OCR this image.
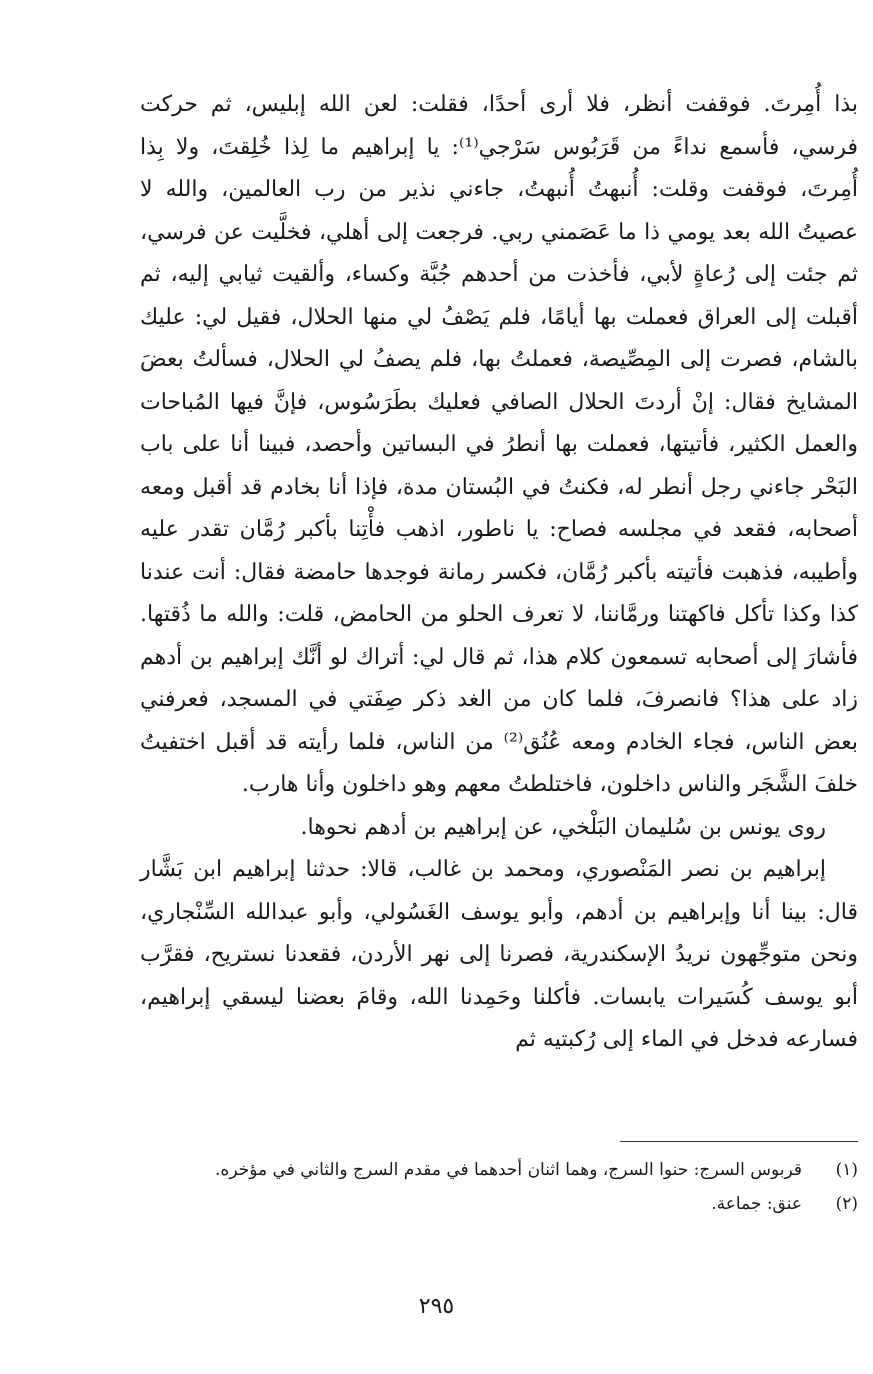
بذا أُمِرتَ. فوقفت أنظر، فلا أرى أحدًا، فقلت: لعن الله إبليس، ثم حركت فرسي، فأسمع نداءً من قَرَبُوس سَرْجي⁽¹⁾: يا إبراهيم ما لِذا خُلِقتَ، ولا بِذا أُمِرتَ، فوقفت وقلت: أُنبهتُ أُنبهتُ، جاءني نذير من رب العالمين، والله لا عصيتُ الله بعد يومي ذا ما عَصَمني ربي. فرجعت إلى أهلي، فخلَّيت عن فرسي، ثم جئت إلى رُعاةٍ لأبي، فأخذت من أحدهم جُبَّة وكساء، وألقيت ثيابي إليه، ثم أقبلت إلى العراق فعملت بها أيامًا، فلم يَصْفُ لي منها الحلال، فقيل لي: عليك بالشام، فصرت إلى المِصِّيصة، فعملتُ بها، فلم يصفُ لي الحلال، فسألتُ بعضَ المشايخ فقال: إنْ أردتَ الحلال الصافي فعليك بطَرَسُوس، فإنَّ فيها المُباحات والعمل الكثير، فأتيتها، فعملت بها أنطرُ في البساتين وأحصد، فبينا أنا على باب البَحْر جاءني رجل أنطر له، فكنتُ في البُستان مدة، فإذا أنا بخادم قد أقبل ومعه أصحابه، فقعد في مجلسه فصاح: يا ناطور، اذهب فأْتِنا بأكبر رُمَّان تقدر عليه وأطيبه، فذهبت فأتيته بأكبر رُمَّان، فكسر رمانة فوجدها حامضة فقال: أنت عندنا كذا وكذا تأكل فاكهتنا ورمَّاننا، لا تعرف الحلو من الحامض، قلت: والله ما ذُقتها. فأشارَ إلى أصحابه تسمعون كلام هذا، ثم قال لي: أتراك لو أنَّك إبراهيم بن أدهم زاد على هذا؟ فانصرفَ، فلما كان من الغد ذكر صِفَتي في المسجد، فعرفني بعض الناس، فجاء الخادم ومعه عُنُق⁽²⁾ من الناس، فلما رأيته قد أقبل اختفيتُ خلفَ الشَّجَر والناس داخلون، فاختلطتُ معهم وهو داخلون وأنا هارب.

روى يونس بن سُليمان البَلْخي، عن إبراهيم بن أدهم نحوها.

إبراهيم بن نصر المَنْصوري، ومحمد بن غالب، قالا: حدثنا إبراهيم ابن بَشَّار قال: بينا أنا وإبراهيم بن أدهم، وأبو يوسف الغَسُولي، وأبو عبدالله السِّنْجاري، ونحن متوجِّهون نريدُ الإسكندرية، فصرنا إلى نهر الأردن، فقعدنا نستريح، فقرَّب أبو يوسف كُسَيرات يابسات. فأكلنا وحَمِدنا الله، وقامَ بعضنا ليسقي إبراهيم، فسارعه فدخل في الماء إلى رُكبتيه ثم

(١)
قربوس السرج: حنوا السرج، وهما اثنان أحدهما في مقدم السرج والثاني في مؤخره.
(٢)
عنق: جماعة.
٢٩٥
